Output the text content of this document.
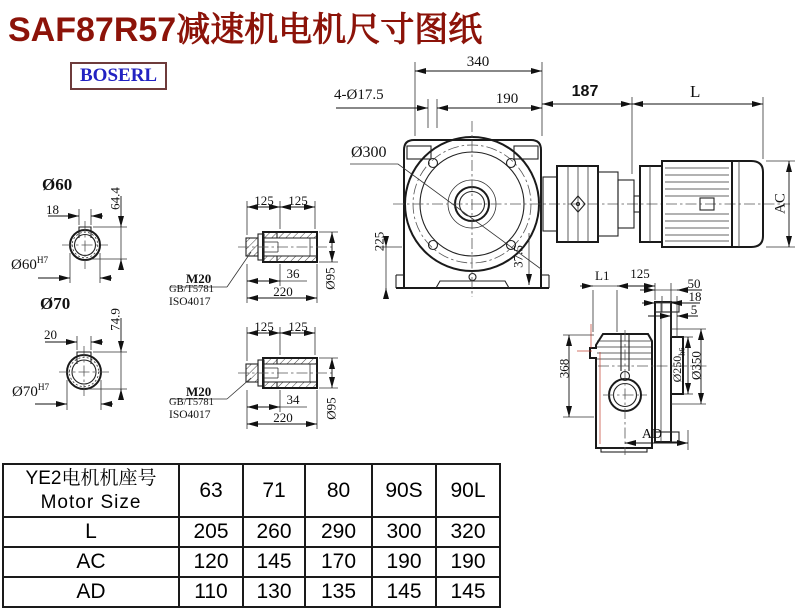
SAF87R57减速机电机尺寸图纸
BOSERL
Ø60
18	64.4
$Ø60^{H7}$
Ø70
20
74.9
$Ø70^{H7}$
125	125
M20
GB/T5781
ISO4017
36
220
Ø95
125	125
M20
GB/T5781
ISO4017
34
220	Ø95
340
4-Ø17.5	190
Ø300
225
37.5
187	L
AC
L1	125
50
18
5
368	$Ø250_{h6}$ Ø350
AD
YE2电机机座号
Motor Size	63	71	80	90S	90L
L	205	260	290	300	320
AC	120	145	170	190	190
AD	110	130	135	145	145
